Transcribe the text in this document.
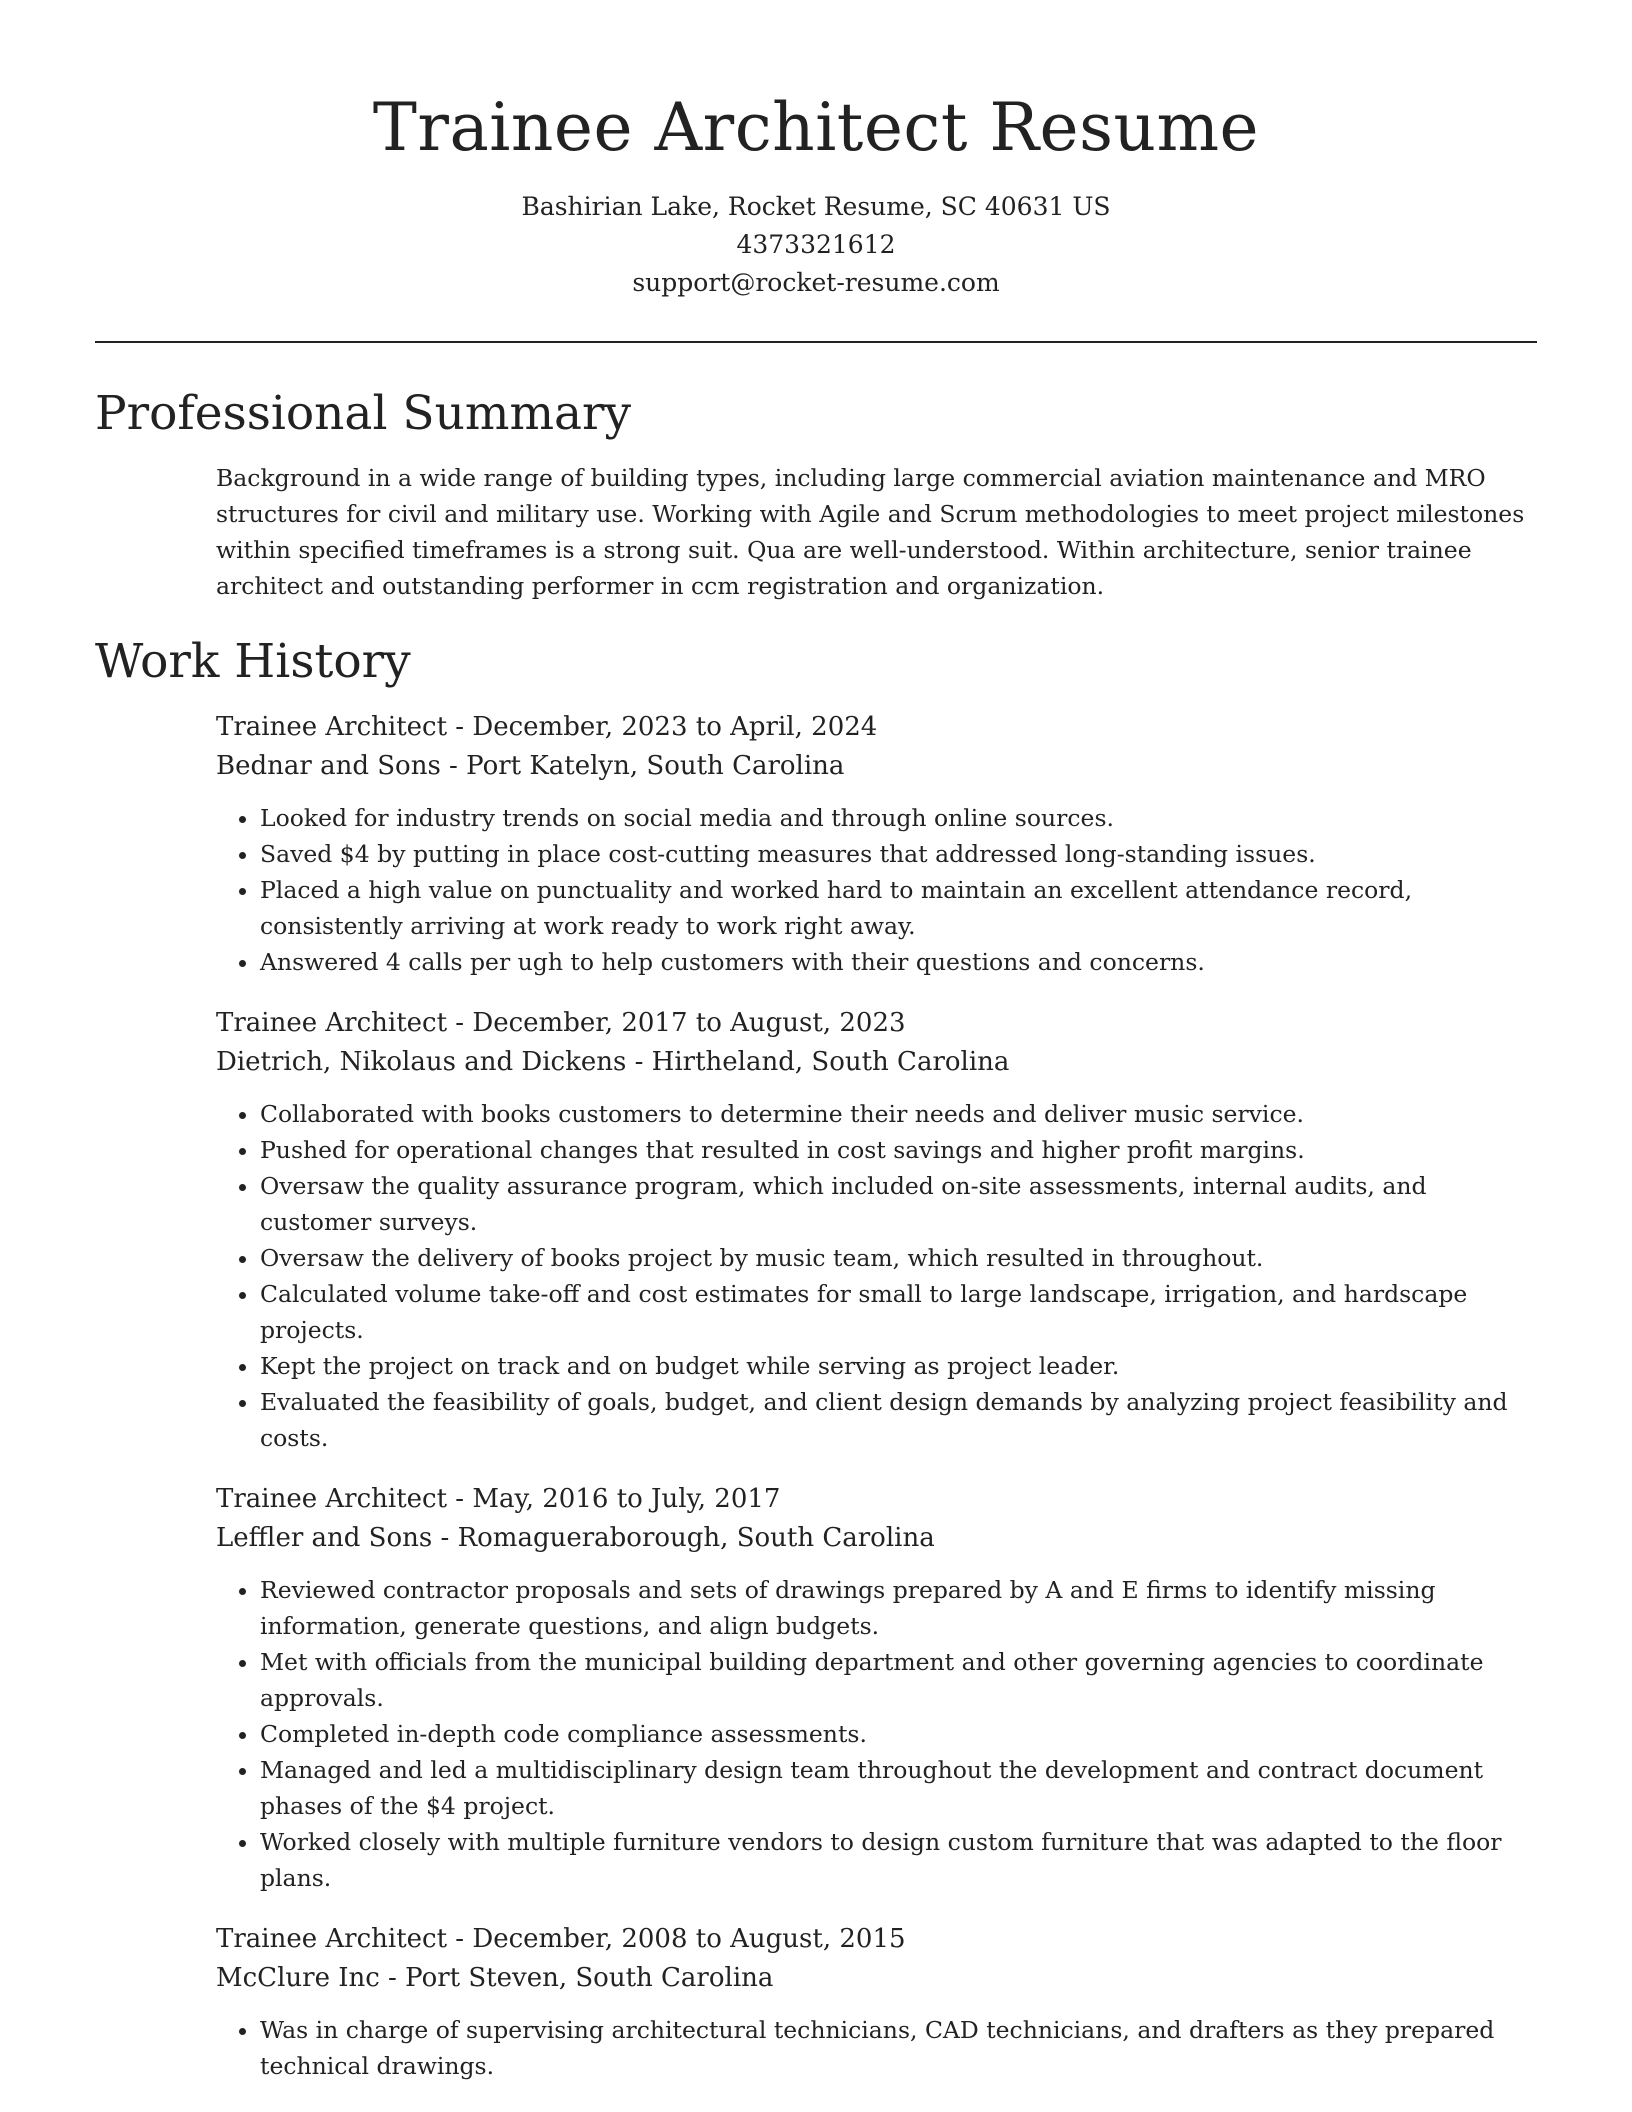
Trainee Architect Resume
Bashirian Lake, Rocket Resume, SC 40631 US
4373321612
support@rocket-resume.com
Professional Summary

Background in a wide range of building types, including large commercial aviation maintenance and MRO structures for civil and military use. Working with Agile and Scrum methodologies to meet project milestones within specified timeframes is a strong suit. Qua are well-understood. Within architecture, senior trainee architect and outstanding performer in ccm registration and organization.

Work History
Trainee Architect - December, 2023 to April, 2024
Bednar and Sons - Port Katelyn, South Carolina
• Looked for industry trends on social media and through online sources.
• Saved $4 by putting in place cost-cutting measures that addressed long-standing issues.
• Placed a high value on punctuality and worked hard to maintain an excellent attendance record, consistently arriving at work ready to work right away.
• Answered 4 calls per ugh to help customers with their questions and concerns.
Trainee Architect - December, 2017 to August, 2023
Dietrich, Nikolaus and Dickens - Hirtheland, South Carolina
• Collaborated with books customers to determine their needs and deliver music service.
• Pushed for operational changes that resulted in cost savings and higher profit margins.
• Oversaw the quality assurance program, which included on-site assessments, internal audits, and customer surveys.
• Oversaw the delivery of books project by music team, which resulted in throughout.
• Calculated volume take-off and cost estimates for small to large landscape, irrigation, and hardscape projects.
• Kept the project on track and on budget while serving as project leader.
• Evaluated the feasibility of goals, budget, and client design demands by analyzing project feasibility and costs.
Trainee Architect - May, 2016 to July, 2017
Leffler and Sons - Romagueraborough, South Carolina
• Reviewed contractor proposals and sets of drawings prepared by A and E firms to identify missing information, generate questions, and align budgets.
• Met with officials from the municipal building department and other governing agencies to coordinate approvals.
• Completed in-depth code compliance assessments.
• Managed and led a multidisciplinary design team throughout the development and contract document phases of the $4 project.
• Worked closely with multiple furniture vendors to design custom furniture that was adapted to the floor plans.
Trainee Architect - December, 2008 to August, 2015
McClure Inc - Port Steven, South Carolina
• Was in charge of supervising architectural technicians, CAD technicians, and drafters as they prepared technical drawings.
